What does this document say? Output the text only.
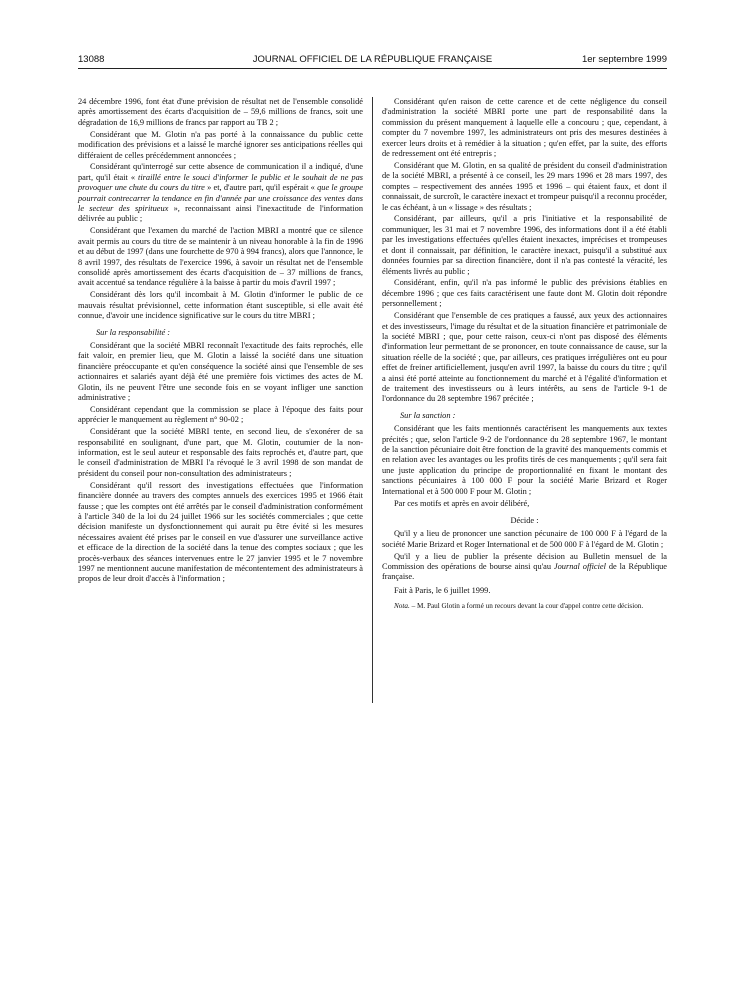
13088	JOURNAL OFFICIEL DE LA RÉPUBLIQUE FRANÇAISE	1er septembre 1999

24 décembre 1996, font état d'une prévision de résultat net de l'ensemble consolidé après amortissement des écarts d'acquisition de – 59,6 millions de francs, soit une dégradation de 16,9 millions de francs par rapport au TB 2 ;

Considérant que M. Glotin n'a pas porté à la connaissance du public cette modification des prévisions et a laissé le marché ignorer ses anticipations réelles qui différaient de celles précédemment annoncées ;

Considérant qu'interrogé sur cette absence de communication il a indiqué, d'une part, qu'il était « tiraillé entre le souci d'informer le public et le souhait de ne pas provoquer une chute du cours du titre » et, d'autre part, qu'il espérait « que le groupe pourrait contrecarrer la tendance en fin d'année par une croissance des ventes dans le secteur des spiritueux », reconnaissant ainsi l'inexactitude de l'information délivrée au public ;

Considérant que l'examen du marché de l'action MBRI a montré que ce silence avait permis au cours du titre de se maintenir à un niveau honorable à la fin de 1996 et au début de 1997 (dans une fourchette de 970 à 994 francs), alors que l'annonce, le 8 avril 1997, des résultats de l'exercice 1996, à savoir un résultat net de l'ensemble consolidé après amortissement des écarts d'acquisition de – 37 millions de francs, avait accentué sa tendance régulière à la baisse à partir du mois d'avril 1997 ;

Considérant dès lors qu'il incombait à M. Glotin d'informer le public de ce mauvais résultat prévisionnel, cette information étant susceptible, si elle avait été connue, d'avoir une incidence significative sur le cours du titre MBRI ;

Sur la responsabilité :

Considérant que la société MBRI reconnaît l'exactitude des faits reprochés, elle fait valoir, en premier lieu, que M. Glotin a laissé la société dans une situation financière préoccupante et qu'en conséquence la société ainsi que l'ensemble de ses actionnaires et salariés ayant déjà été une première fois victimes des actes de M. Glotin, ils ne peuvent l'être une seconde fois en se voyant infliger une sanction administrative ;

Considérant cependant que la commission se place à l'époque des faits pour apprécier le manquement au règlement n° 90-02 ;

Considérant que la société MBRI tente, en second lieu, de s'exonérer de sa responsabilité en soulignant, d'une part, que M. Glotin, coutumier de la non-information, est le seul auteur et responsable des faits reprochés et, d'autre part, que le conseil d'administration de MBRI l'a révoqué le 3 avril 1998 de son mandat de président du conseil pour non-consultation des administrateurs ;

Considérant qu'il ressort des investigations effectuées que l'information financière donnée au travers des comptes annuels des exercices 1995 et 1966 était fausse ; que les comptes ont été arrêtés par le conseil d'administration conformément à l'article 340 de la loi du 24 juillet 1966 sur les sociétés commerciales ; que cette décision manifeste un dysfonctionnement qui aurait pu être évité si les mesures nécessaires avaient été prises par le conseil en vue d'assurer une surveillance active et efficace de la direction de la société dans la tenue des comptes sociaux ; que les procès-verbaux des séances intervenues entre le 27 janvier 1995 et le 7 novembre 1997 ne mentionnent aucune manifestation de mécontentement des administrateurs à propos de leur droit d'accès à l'information ;

Considérant qu'en raison de cette carence et de cette négligence du conseil d'administration la société MBRI porte une part de responsabilité dans la commission du présent manquement à laquelle elle a concouru ; que, cependant, à compter du 7 novembre 1997, les administrateurs ont pris des mesures destinées à exercer leurs droits et à remédier à la situation ; qu'en effet, par la suite, des efforts de redressement ont été entrepris ;

Considérant que M. Glotin, en sa qualité de président du conseil d'administration de la société MBRI, a présenté à ce conseil, les 29 mars 1996 et 28 mars 1997, des comptes – respectivement des années 1995 et 1996 – qui étaient faux, et dont il connaissait, de surcroît, le caractère inexact et trompeur puisqu'il a reconnu procéder, le cas échéant, à un « lissage » des résultats ;

Considérant, par ailleurs, qu'il a pris l'initiative et la responsabilité de communiquer, les 31 mai et 7 novembre 1996, des informations dont il a été établi par les investigations effectuées qu'elles étaient inexactes, imprécises et trompeuses et dont il connaissait, par définition, le caractère inexact, puisqu'il a substitué aux données fournies par sa direction financière, dont il n'a pas contesté la véracité, les éléments livrés au public ;

Considérant, enfin, qu'il n'a pas informé le public des prévisions établies en décembre 1996 ; que ces faits caractérisent une faute dont M. Glotin doit répondre personnellement ;

Considérant que l'ensemble de ces pratiques a faussé, aux yeux des actionnaires et des investisseurs, l'image du résultat et de la situation financière et patrimoniale de la société MBRI ; que, pour cette raison, ceux-ci n'ont pas disposé des éléments d'information leur permettant de se prononcer, en toute connaissance de cause, sur la situation réelle de la société ; que, par ailleurs, ces pratiques irrégulières ont eu pour effet de freiner artificiellement, jusqu'en avril 1997, la baisse du cours du titre ; qu'il a ainsi été porté atteinte au fonctionnement du marché et à l'égalité d'information et de traitement des investisseurs ou à leurs intérêts, au sens de l'article 9-1 de l'ordonnance du 28 septembre 1967 précitée ;

Sur la sanction :

Considérant que les faits mentionnés caractérisent les manquements aux textes précités ; que, selon l'article 9-2 de l'ordonnance du 28 septembre 1967, le montant de la sanction pécuniaire doit être fonction de la gravité des manquements commis et en relation avec les avantages ou les profits tirés de ces manquements ; qu'il sera fait une juste application du principe de proportionnalité en fixant le montant des sanctions pécuniaires à 100 000 F pour la société Marie Brizard et Roger International et à 500 000 F pour M. Glotin ;

Par ces motifs et après en avoir délibéré,

Décide :

Qu'il y a lieu de prononcer une sanction pécunaire de 100 000 F à l'égard de la société Marie Brizard et Roger International et de 500 000 F à l'égard de M. Glotin ;

Qu'il y a lieu de publier la présente décision au Bulletin mensuel de la Commission des opérations de bourse ainsi qu'au Journal officiel de la République française.

Fait à Paris, le 6 juillet 1999.

Nota. – M. Paul Glotin a formé un recours devant la cour d'appel contre cette décision.
